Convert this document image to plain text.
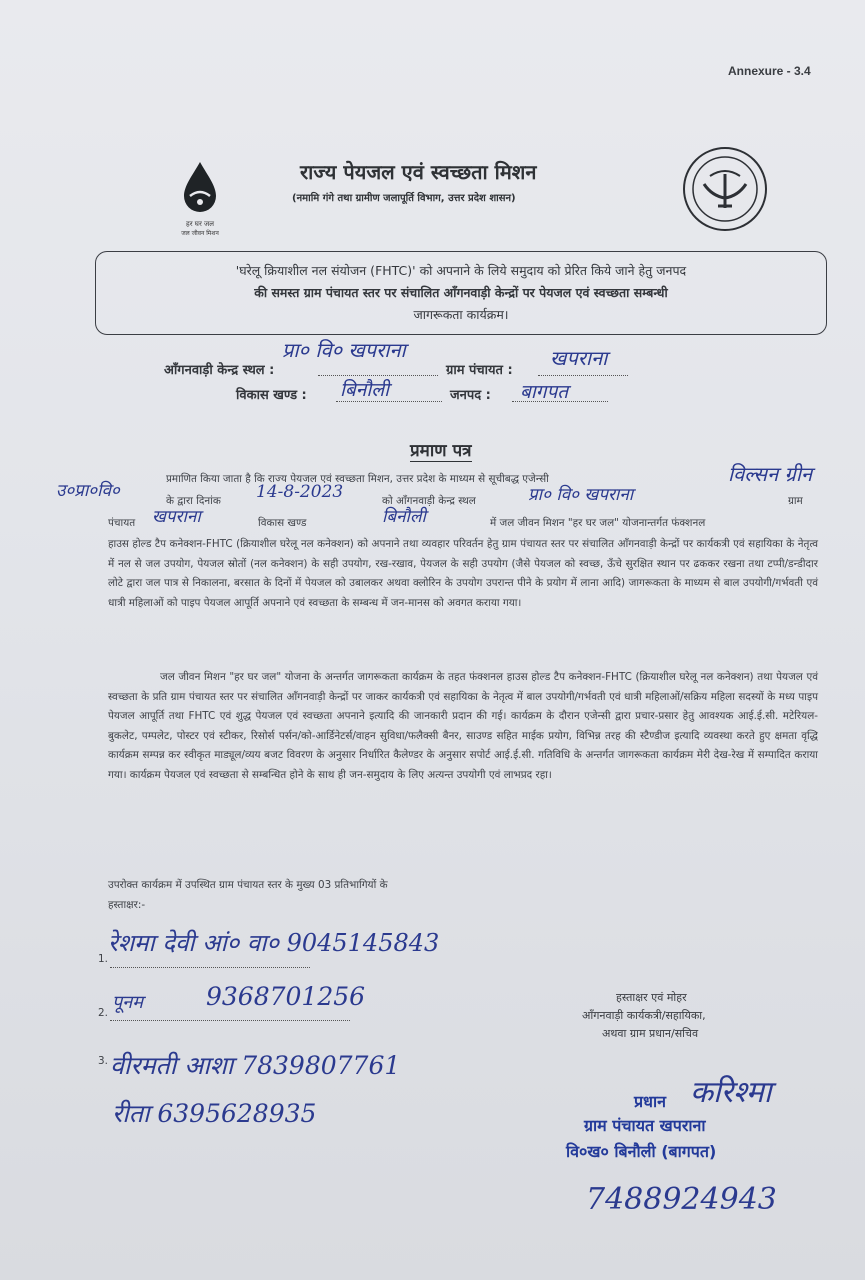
Annexure - 3.4
हर घर जल
जल जीवन मिशन
राज्य पेयजल एवं स्वच्छता मिशन
(नमामि गंगे तथा ग्रामीण जलापूर्ति विभाग, उत्तर प्रदेश शासन)
'घरेलू क्रियाशील नल संयोजन (FHTC)' को अपनाने के लिये समुदाय को प्रेरित किये जाने हेतु जनपद
की समस्त ग्राम पंचायत स्तर पर संचालित आँगनवाड़ी केन्द्रों पर पेयजल एवं स्वच्छता सम्बन्धी
जागरूकता कार्यक्रम।
आँगनवाड़ी केन्द्र स्थल :
प्रा० वि० खपराना
ग्राम पंचायत :
खपराना
विकास खण्ड : बिनौली	जनपद : बागपत
प्रमाण पत्र
प्रमाणित किया जाता है कि राज्य पेयजल एवं स्वच्छता मिशन, उत्तर प्रदेश के माध्यम से सूचीबद्ध एजेन्सी
उ०प्रा०वि०
विल्सन ग्रीन
के द्वारा दिनांक 14-8-2023	को आँगनवाड़ी केन्द्र स्थल	प्रा० वि० खपराना	ग्राम
पंचायत खपराना	विकास खण्ड	बिनौली	में जल जीवन मिशन "हर घर जल" योजनान्तर्गत फंक्शनल
हाउस होल्ड टैप कनेक्शन-FHTC (क्रियाशील घरेलू नल कनेक्शन) को अपनाने तथा व्यवहार परिवर्तन हेतु ग्राम पंचायत स्तर पर संचालित आँगनवाड़ी केन्द्रों पर कार्यकत्री एवं सहायिका के नेतृत्व में नल से जल उपयोग, पेयजल स्रोतों (नल कनेक्शन) के सही उपयोग, रख-रखाव, पेयजल के सही उपयोग (जैसे पेयजल को स्वच्छ, ऊँचे सुरक्षित स्थान पर ढककर रखना तथा टप्पी/डन्डीदार लोटे द्वारा जल पात्र से निकालना, बरसात के दिनों में पेयजल को उबालकर अथवा क्लोरिन के उपयोग उपरान्त पीने के प्रयोग में लाना आदि) जागरूकता के माध्यम से बाल उपयोगी/गर्भवती एवं धात्री महिलाओं को पाइप पेयजल आपूर्ति अपनाने एवं स्वच्छता के सम्बन्ध में जन-मानस को अवगत कराया गया।
जल जीवन मिशन "हर घर जल" योजना के अन्तर्गत जागरूकता कार्यक्रम के तहत फंक्शनल हाउस होल्ड टैप कनेक्शन-FHTC (क्रियाशील घरेलू नल कनेक्शन) तथा पेयजल एवं स्वच्छता के प्रति ग्राम पंचायत स्तर पर संचालित आँगनवाड़ी केन्द्रों पर जाकर कार्यकत्री एवं सहायिका के नेतृत्व में बाल उपयोगी/गर्भवती एवं धात्री महिलाओं/सक्रिय महिला सदस्यों के मध्य पाइप पेयजल आपूर्ति तथा FHTC एवं शुद्ध पेयजल एवं स्वच्छता अपनाने इत्यादि की जानकारी प्रदान की गई। कार्यक्रम के दौरान एजेन्सी द्वारा प्रचार-प्रसार हेतु आवश्यक आई.ई.सी. मटेरियल-बुकलेट, पम्पलेट, पोस्टर एवं स्टीकर, रिसोर्स पर्सन/को-आर्डिनेटर्स/वाहन सुविधा/फलैक्सी बैनर, साउण्ड सहित माईक प्रयोग, विभिन्न तरह की स्टैण्डीज इत्यादि व्यवस्था करते हुए क्षमता वृद्धि कार्यक्रम सम्पन्न कर स्वीकृत माड्यूल/व्यय बजट विवरण के अनुसार निर्धारित कैलेण्डर के अनुसार सपोर्ट आई.ई.सी. गतिविधि के अन्तर्गत जागरूकता कार्यक्रम मेरी देख-रेख में सम्पादित कराया गया। कार्यक्रम पेयजल एवं स्वच्छता से सम्बन्धित होने के साथ ही जन-समुदाय के लिए अत्यन्त उपयोगी एवं लाभप्रद रहा।
उपरोक्त कार्यक्रम में उपस्थित ग्राम पंचायत स्तर के मुख्य 03 प्रतिभागियों के
हस्ताक्षर:-
1.
रेशमा देवी आं० वा० 9045145843
2. पूनम	9368701256
3. वीरमती आशा 7839807761
रीता 6395628935
हस्ताक्षर एवं मोहर
आँगनवाड़ी कार्यकत्री/सहायिका,
अथवा ग्राम प्रधान/सचिव
प्रधान करिश्मा
ग्राम पंचायत खपराना
वि०ख० बिनौली (बागपत)
7488924943
